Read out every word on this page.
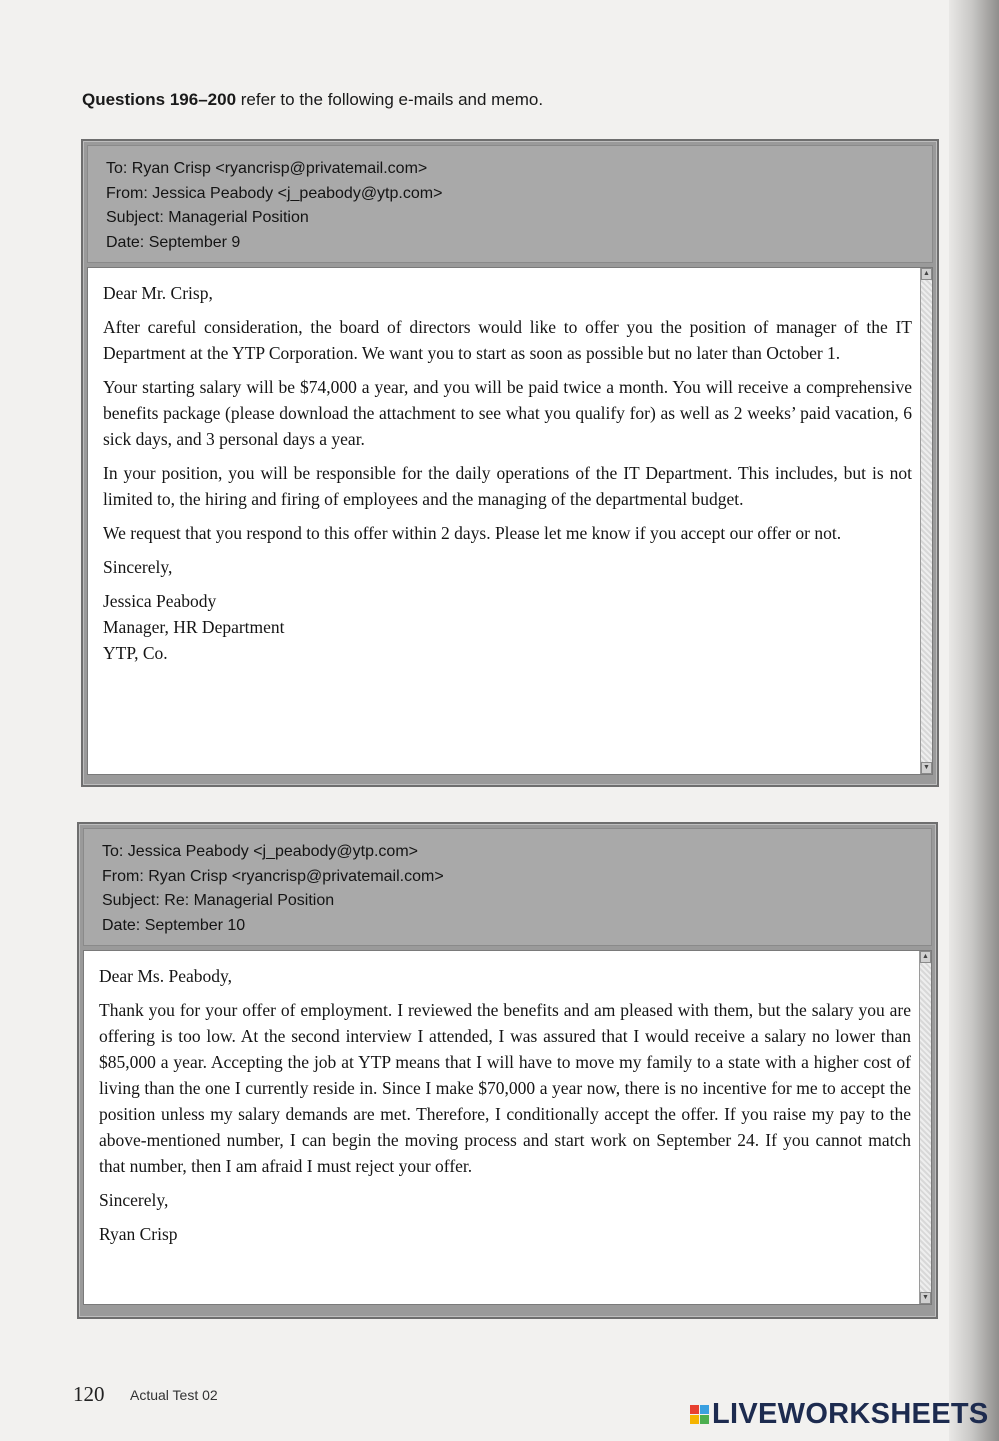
Questions 196–200 refer to the following e-mails and memo.
To: Ryan Crisp <ryancrisp@privatemail.com>
From: Jessica Peabody <j_peabody@ytp.com>
Subject: Managerial Position
Date: September 9

Dear Mr. Crisp,

After careful consideration, the board of directors would like to offer you the position of manager of the IT Department at the YTP Corporation. We want you to start as soon as possible but no later than October 1.

Your starting salary will be $74,000 a year, and you will be paid twice a month. You will receive a comprehensive benefits package (please download the attachment to see what you qualify for) as well as 2 weeks’ paid vacation, 6 sick days, and 3 personal days a year.

In your position, you will be responsible for the daily operations of the IT Department. This includes, but is not limited to, the hiring and firing of employees and the managing of the departmental budget.

We request that you respond to this offer within 2 days. Please let me know if you accept our offer or not.

Sincerely,

Jessica Peabody
Manager, HR Department
YTP, Co.
▲
▼
To: Jessica Peabody <j_peabody@ytp.com>
From: Ryan Crisp <ryancrisp@privatemail.com>
Subject: Re: Managerial Position
Date: September 10

Dear Ms. Peabody,

Thank you for your offer of employment. I reviewed the benefits and am pleased with them, but the salary you are offering is too low. At the second interview I attended, I was assured that I would receive a salary no lower than $85,000 a year. Accepting the job at YTP means that I will have to move my family to a state with a higher cost of living than the one I currently reside in. Since I make $70,000 a year now, there is no incentive for me to accept the position unless my salary demands are met. Therefore, I conditionally accept the offer. If you raise my pay to the above-mentioned number, I can begin the moving process and start work on September 24. If you cannot match that number, then I am afraid I must reject your offer.

Sincerely,

Ryan Crisp
▲
▼
120 Actual Test 02
LIVEWORKSHEETS
